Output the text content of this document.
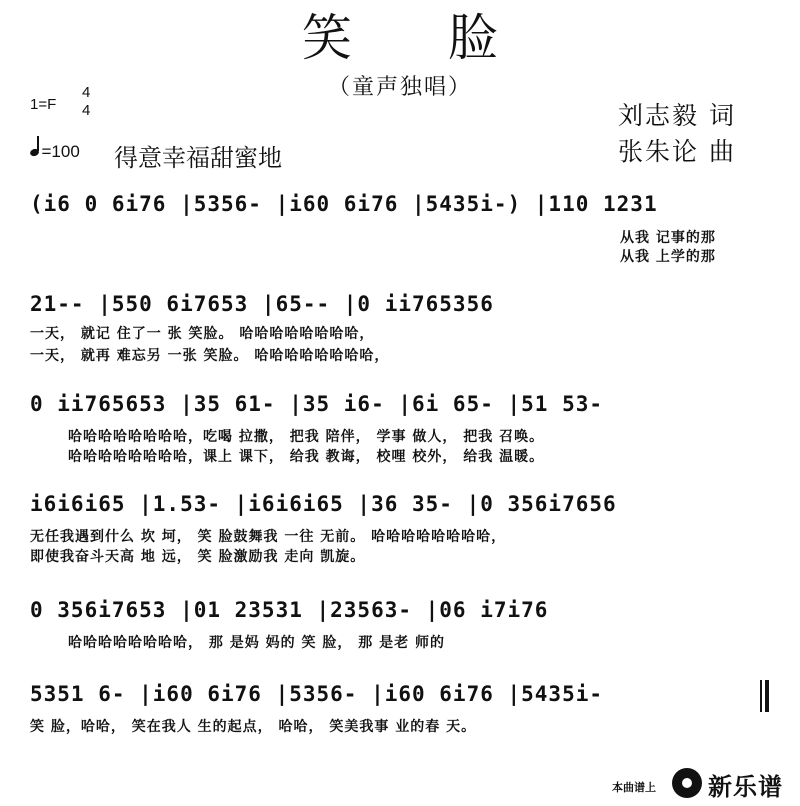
笑 脸
（童声独唱）
1=F
4
4
=100 得意幸福甜蜜地
刘志毅 词
张朱论 曲
(i6 0 6i76 |5356- |i60 6i76 |5435i-) |110 1231
从我 记事的那
从我 上学的那
21-- |550 6i7653 |65-- |0 ii765356
一天， 就记 住了一 张 笑脸。 哈哈哈哈哈哈哈哈，
一天， 就再 难忘另 一张 笑脸。 哈哈哈哈哈哈哈哈，
0 ii765653 |35 61- |35 i6- |6i 65- |51 53-
哈哈哈哈哈哈哈哈，吃喝 拉撒， 把我 陪伴， 学事 做人， 把我 召唤。
哈哈哈哈哈哈哈哈，课上 课下， 给我 教诲， 校哩 校外， 给我 温暖。
i6i6i65 |1.53- |i6i6i65 |36 35- |0 356i7656
无任我遇到什么 坎 坷， 笑 脸鼓舞我 一往 无前。 哈哈哈哈哈哈哈哈，
即使我奋斗天高 地 远， 笑 脸激励我 走向 凯旋。
0 356i7653 |01 23531 |23563- |06 i7i76
哈哈哈哈哈哈哈哈， 那 是妈 妈的 笑 脸， 那 是老 师的
5351 6- |i60 6i76 |5356- |i60 6i76 |5435i-
笑 脸，哈哈， 笑在我人 生的起点， 哈哈， 笑美我事 业的春 天。
本曲谱上 新乐谱
